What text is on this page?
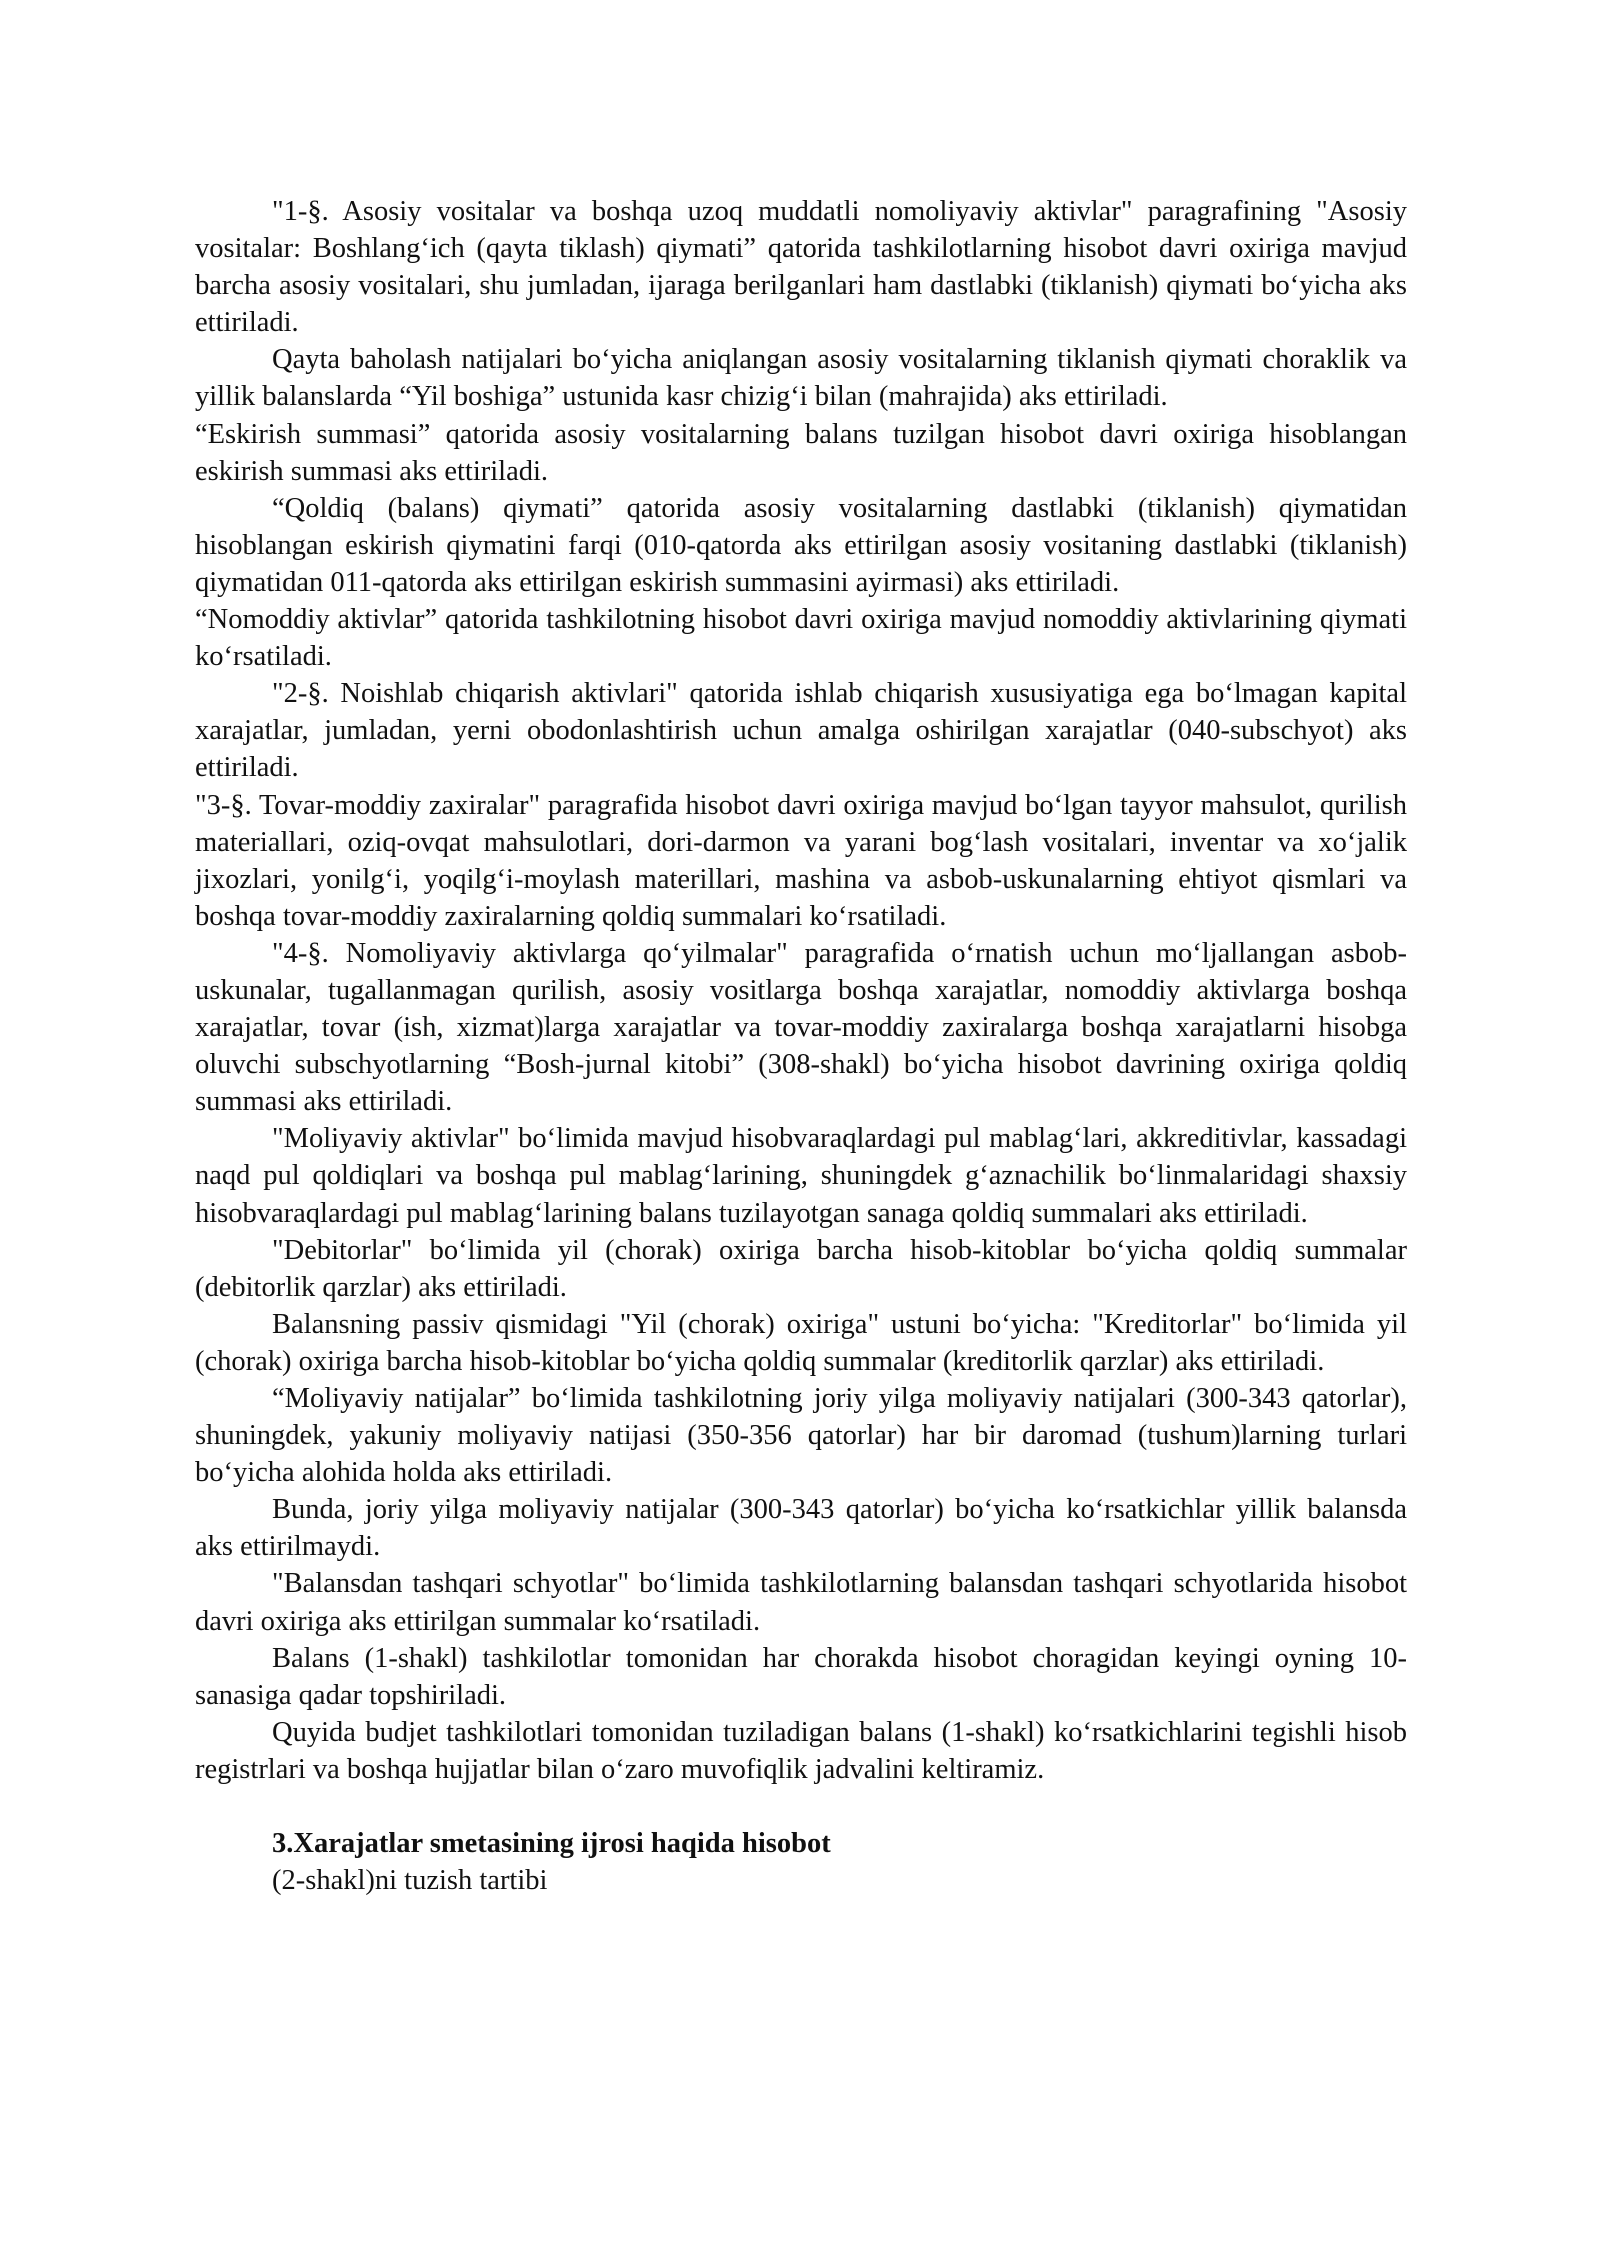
"1-§. Asosiy vositalar va boshqa uzoq muddatli nomoliyaviy aktivlar" paragrafining "Asosiy vositalar: Boshlang‘ich (qayta tiklash) qiymati” qatorida tashkilotlarning hisobot davri oxiriga mavjud barcha asosiy vositalari, shu jumladan, ijaraga berilganlari ham dastlabki (tiklanish) qiymati bo‘yicha aks ettiriladi.

Qayta baholash natijalari bo‘yicha aniqlangan asosiy vositalarning tiklanish qiymati choraklik va yillik balanslarda “Yil boshiga” ustunida kasr chizig‘i bilan (mahrajida) aks ettiriladi.

“Eskirish summasi” qatorida asosiy vositalarning balans tuzilgan hisobot davri oxiriga hisoblangan eskirish summasi aks ettiriladi.

“Qoldiq (balans) qiymati” qatorida asosiy vositalarning dastlabki (tiklanish) qiymatidan hisoblangan eskirish qiymatini farqi (010-qatorda aks ettirilgan asosiy vositaning dastlabki (tiklanish) qiymatidan 011-qatorda aks ettirilgan eskirish summasini ayirmasi) aks ettiriladi.

“Nomoddiy aktivlar” qatorida tashkilotning hisobot davri oxiriga mavjud nomoddiy aktivlarining qiymati ko‘rsatiladi.

"2-§. Noishlab chiqarish aktivlari" qatorida ishlab chiqarish xususiyatiga ega bo‘lmagan kapital xarajatlar, jumladan, yerni obodonlashtirish uchun amalga oshirilgan xarajatlar (040-subschyot) aks ettiriladi.

"3-§. Tovar-moddiy zaxiralar" paragrafida hisobot davri oxiriga mavjud bo‘lgan tayyor mahsulot, qurilish materiallari, oziq-ovqat mahsulotlari, dori-darmon va yarani bog‘lash vositalari, inventar va xo‘jalik jixozlari, yonilg‘i, yoqilg‘i-moylash materillari, mashina va asbob-uskunalarning ehtiyot qismlari va boshqa tovar-moddiy zaxiralarning qoldiq summalari ko‘rsatiladi.

"4-§. Nomoliyaviy aktivlarga qo‘yilmalar" paragrafida o‘rnatish uchun mo‘ljallangan asbob-uskunalar, tugallanmagan qurilish, asosiy vositlarga boshqa xarajatlar, nomoddiy aktivlarga boshqa xarajatlar, tovar (ish, xizmat)larga xarajatlar va tovar-moddiy zaxiralarga boshqa xarajatlarni hisobga oluvchi subschyotlarning “Bosh-jurnal kitobi” (308-shakl) bo‘yicha hisobot davrining oxiriga qoldiq summasi aks ettiriladi.

"Moliyaviy aktivlar" bo‘limida mavjud hisobvaraqlardagi pul mablag‘lari, akkreditivlar, kassadagi naqd pul qoldiqlari va boshqa pul mablag‘larining, shuningdek g‘aznachilik bo‘linmalaridagi shaxsiy hisobvaraqlardagi pul mablag‘larining balans tuzilayotgan sanaga qoldiq summalari aks ettiriladi.

"Debitorlar" bo‘limida yil (chorak) oxiriga barcha hisob-kitoblar bo‘yicha qoldiq summalar (debitorlik qarzlar) aks ettiriladi.

Balansning passiv qismidagi "Yil (chorak) oxiriga" ustuni bo‘yicha: "Kreditorlar" bo‘limida yil (chorak) oxiriga barcha hisob-kitoblar bo‘yicha qoldiq summalar (kreditorlik qarzlar) aks ettiriladi.

“Moliyaviy natijalar” bo‘limida tashkilotning joriy yilga moliyaviy natijalari (300-343 qatorlar), shuningdek, yakuniy moliyaviy natijasi (350-356 qatorlar) har bir daromad (tushum)larning turlari bo‘yicha alohida holda aks ettiriladi.

Bunda, joriy yilga moliyaviy natijalar (300-343 qatorlar) bo‘yicha ko‘rsatkichlar yillik balansda aks ettirilmaydi.

"Balansdan tashqari schyotlar" bo‘limida tashkilotlarning balansdan tashqari schyotlarida hisobot davri oxiriga aks ettirilgan summalar ko‘rsatiladi.

Balans (1-shakl) tashkilotlar tomonidan har chorakda hisobot choragidan keyingi oyning 10-sanasiga qadar topshiriladi.

Quyida budjet tashkilotlari tomonidan tuziladigan balans (1-shakl) ko‘rsatkichlarini tegishli hisob registrlari va boshqa hujjatlar bilan o‘zaro muvofiqlik jadvalini keltiramiz.

3.Xarajatlar smetasining ijrosi haqida hisobot

(2-shakl)ni tuzish tartibi
